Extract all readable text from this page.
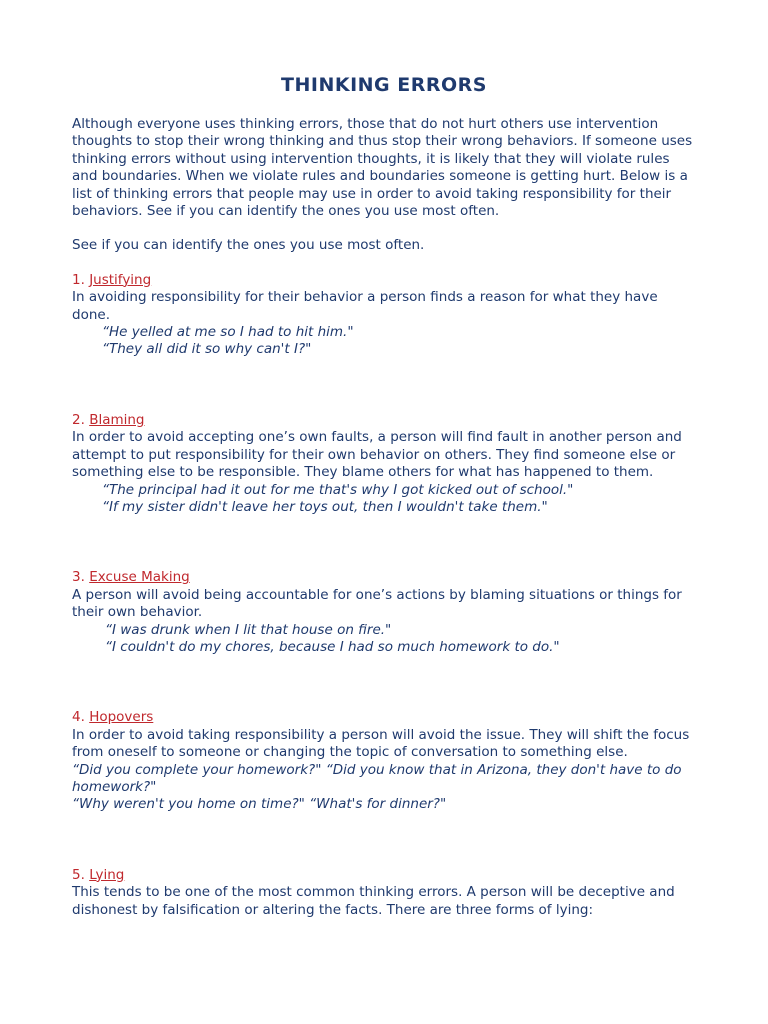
THINKING ERRORS

Although everyone uses thinking errors, those that do not hurt others use intervention thoughts to stop their wrong thinking and thus stop their wrong behaviors. If someone uses thinking errors without using intervention thoughts, it is likely that they will violate rules and boundaries. When we violate rules and boundaries someone is getting hurt. Below is a list of thinking errors that people may use in order to avoid taking responsibility for their behaviors. See if you can identify the ones you use most often.

See if you can identify the ones you use most often.

1. Justifying

In avoiding responsibility for their behavior a person finds a reason for what they have done.

“He yelled at me so I had to hit him."

“They all did it so why can't I?"

2. Blaming

In order to avoid accepting one’s own faults, a person will find fault in another person and attempt to put responsibility for their own behavior on others. They find someone else or something else to be responsible. They blame others for what has happened to them.

“The principal had it out for me that's why I got kicked out of school."

“If my sister didn't leave her toys out, then I wouldn't take them."

3. Excuse Making

A person will avoid being accountable for one’s actions by blaming situations or things for their own behavior.

“I was drunk when I lit that house on fire."

“I couldn't do my chores, because I had so much homework to do."

4. Hopovers

In order to avoid taking responsibility a person will avoid the issue. They will shift the focus from oneself to someone or changing the topic of conversation to something else.

“Did you complete your homework?" “Did you know that in Arizona, they don't have to do homework?"

“Why weren't you home on time?" “What's for dinner?"

5. Lying

This tends to be one of the most common thinking errors. A person will be deceptive and dishonest by falsification or altering the facts. There are three forms of lying:
